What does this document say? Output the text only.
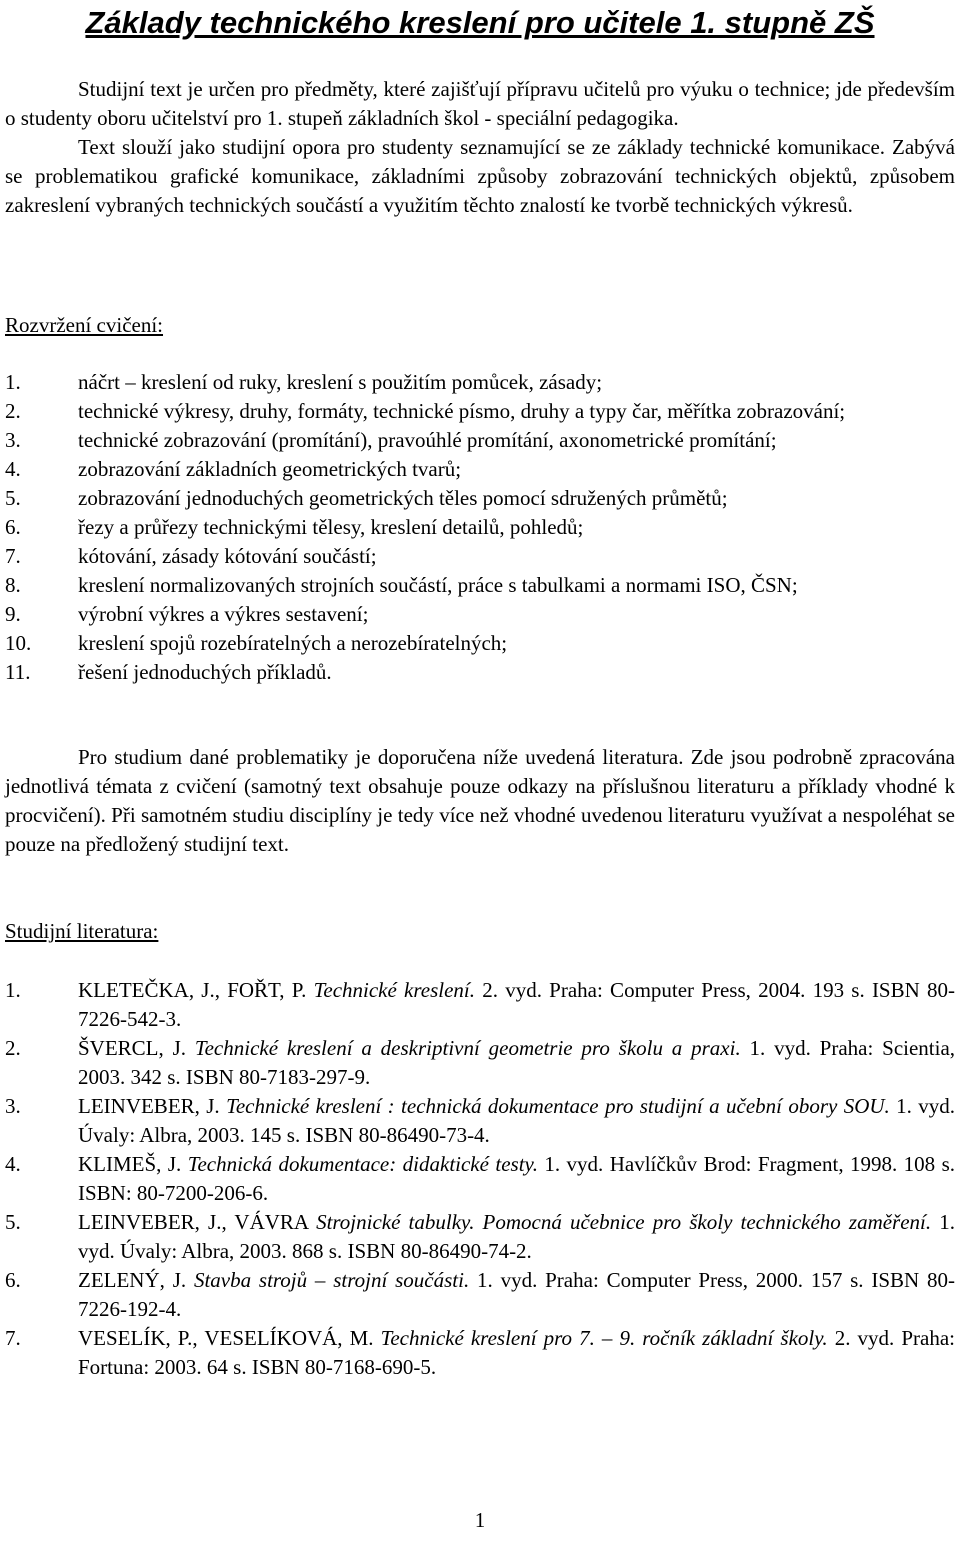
Základy technického kreslení pro učitele 1. stupně ZŠ

Studijní text je určen pro předměty, které zajišťují přípravu učitelů pro výuku o technice; jde především o studenty oboru učitelství pro 1. stupeň základních škol - speciální pedagogika.

Text slouží jako studijní opora pro studenty seznamující se ze základy technické komunikace. Zabývá se problematikou grafické komunikace, základními způsoby zobrazování technických objektů, způsobem zakreslení vybraných technických součástí a využitím těchto znalostí ke tvorbě technických výkresů.

Rozvržení cvičení:

1.	náčrt – kreslení od ruky, kreslení s použitím pomůcek, zásady;
2.	technické výkresy, druhy, formáty, technické písmo, druhy a typy čar, měřítka zobrazování;
3.	technické zobrazování (promítání), pravoúhlé promítání, axonometrické promítání;
4.	zobrazování základních geometrických tvarů;
5.	zobrazování jednoduchých geometrických těles pomocí sdružených průmětů;
6.	řezy a průřezy technickými tělesy, kreslení detailů, pohledů;
7.	kótování, zásady kótování součástí;
8.	kreslení normalizovaných strojních součástí, práce s tabulkami a normami ISO, ČSN;
9.	výrobní výkres a výkres sestavení;
10. kreslení spojů rozebíratelných a nerozebíratelných;
11. řešení jednoduchých příkladů.

Pro studium dané problematiky je doporučena níže uvedená literatura. Zde jsou podrobně zpracována jednotlivá témata z cvičení (samotný text obsahuje pouze odkazy na příslušnou literaturu a příklady vhodné k procvičení). Při samotném studiu disciplíny je tedy více než vhodné uvedenou literaturu využívat a nespoléhat se pouze na předložený studijní text.

Studijní literatura:

1.	KLETEČKA, J., FOŘT, P. Technické kreslení. 2. vyd. Praha: Computer Press, 2004. 193 s. ISBN 80-7226-542-3.
2.	ŠVERCL, J. Technické kreslení a deskriptivní geometrie pro školu a praxi. 1. vyd. Praha: Scientia, 2003. 342 s. ISBN 80-7183-297-9.
3.	LEINVEBER, J. Technické kreslení : technická dokumentace pro studijní a učební obory SOU. 1. vyd. Úvaly: Albra, 2003. 145 s. ISBN 80-86490-73-4.
4.	KLIMEŠ, J. Technická dokumentace: didaktické testy. 1. vyd. Havlíčkův Brod: Fragment, 1998. 108 s. ISBN: 80-7200-206-6.
5.	LEINVEBER, J., VÁVRA Strojnické tabulky. Pomocná učebnice pro školy technického zaměření. 1. vyd. Úvaly: Albra, 2003. 868 s. ISBN 80-86490-74-2.
6.	ZELENÝ, J. Stavba strojů – strojní součásti. 1. vyd. Praha: Computer Press, 2000. 157 s. ISBN 80-7226-192-4.
7.	VESELÍK, P., VESELÍKOVÁ, M. Technické kreslení pro 7. – 9. ročník základní školy. 2. vyd. Praha: Fortuna: 2003. 64 s. ISBN 80-7168-690-5.
1
